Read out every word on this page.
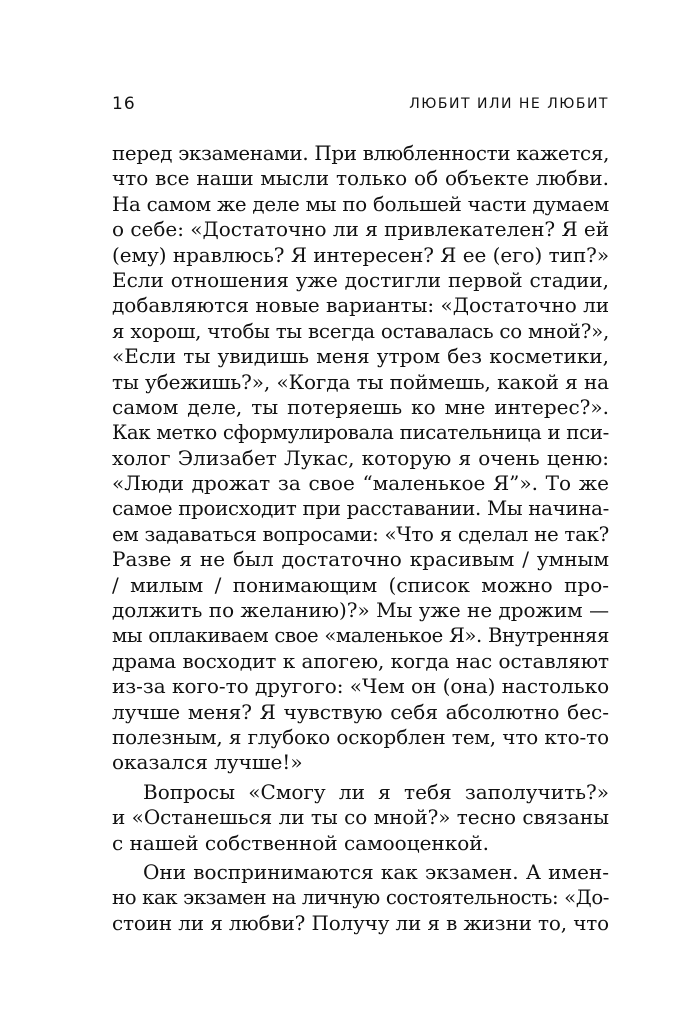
16	ЛЮБИТ ИЛИ НЕ ЛЮБИТ
перед экзаменами. При влюбленности кажется,
что все наши мысли только об объекте любви.
На самом же деле мы по большей части думаем
о себе: «Достаточно ли я привлекателен? Я ей
(ему) нравлюсь? Я интересен? Я ее (его) тип?»
Если отношения уже достигли первой стадии,
добавляются новые варианты: «Достаточно ли
я хорош, чтобы ты всегда оставалась со мной?»,
«Если ты увидишь меня утром без косметики,
ты убежишь?», «Когда ты поймешь, какой я на
самом деле, ты потеряешь ко мне интерес?».
Как метко сформулировала писательница и пси-
холог Элизабет Лукас, которую я очень ценю:
«Люди дрожат за свое “маленькое Я”». То же
самое происходит при расставании. Мы начина-
ем задаваться вопросами: «Что я сделал не так?
Разве я не был достаточно красивым / умным
/ милым / понимающим (список можно про-
должить по желанию)?» Мы уже не дрожим —
мы оплакиваем свое «маленькое Я». Внутренняя
драма восходит к апогею, когда нас оставляют
из-за кого-то другого: «Чем он (она) настолько
лучше меня? Я чувствую себя абсолютно бес-
полезным, я глубоко оскорблен тем, что кто-то
оказался лучше!»
Вопросы «Смогу ли я тебя заполучить?»
и «Останешься ли ты со мной?» тесно связаны
с нашей собственной самооценкой.
Они воспринимаются как экзамен. А имен-
но как экзамен на личную состоятельность: «До-
стоин ли я любви? Получу ли я в жизни то, что
